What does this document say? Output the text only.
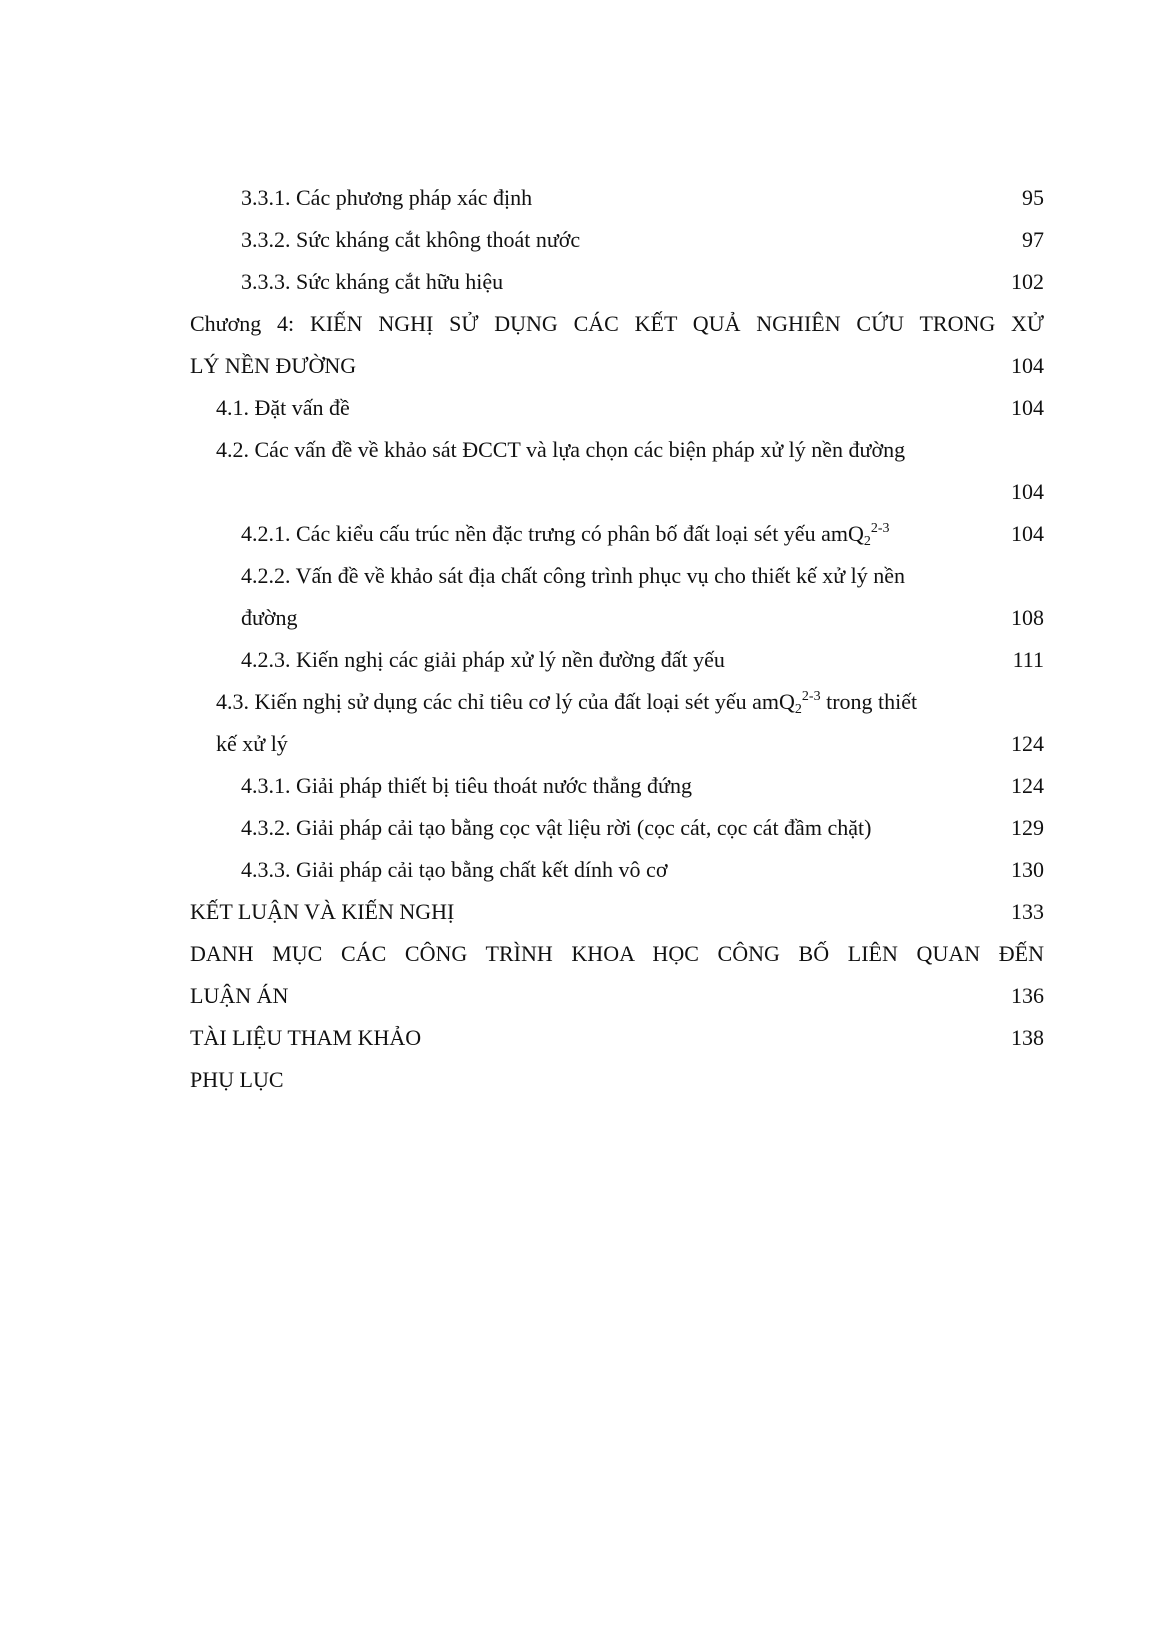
3.3.1. Các phương pháp xác định	95
3.3.2. Sức kháng cắt không thoát nước	97
3.3.3. Sức kháng cắt hữu hiệu	102
Chương 4: KIẾN NGHỊ SỬ DỤNG CÁC KẾT QUẢ NGHIÊN CỨU TRONG XỬ
LÝ NỀN ĐƯỜNG	104
4.1. Đặt vấn đề	104
4.2. Các vấn đề về khảo sát ĐCCT và lựa chọn các biện pháp xử lý nền đường
104
4.2.1. Các kiểu cấu trúc nền đặc trưng có phân bố đất loại sét yếu amQ$_2^{2-3}$	104
4.2.2. Vấn đề về khảo sát địa chất công trình phục vụ cho thiết kế xử lý nền
đường	108
4.2.3. Kiến nghị các giải pháp xử lý nền đường đất yếu	111
4.3. Kiến nghị sử dụng các chỉ tiêu cơ lý của đất loại sét yếu amQ$_2^{2-3}$ trong thiết
kế xử lý	124
4.3.1. Giải pháp thiết bị tiêu thoát nước thẳng đứng	124
4.3.2. Giải pháp cải tạo bằng cọc vật liệu rời (cọc cát, cọc cát đầm chặt)	129
4.3.3. Giải pháp cải tạo bằng chất kết dính vô cơ	130
KẾT LUẬN VÀ KIẾN NGHỊ	133
DANH MỤC CÁC CÔNG TRÌNH KHOA HỌC CÔNG BỐ LIÊN QUAN ĐẾN
LUẬN ÁN	136
TÀI LIỆU THAM KHẢO	138
PHỤ LỤC
